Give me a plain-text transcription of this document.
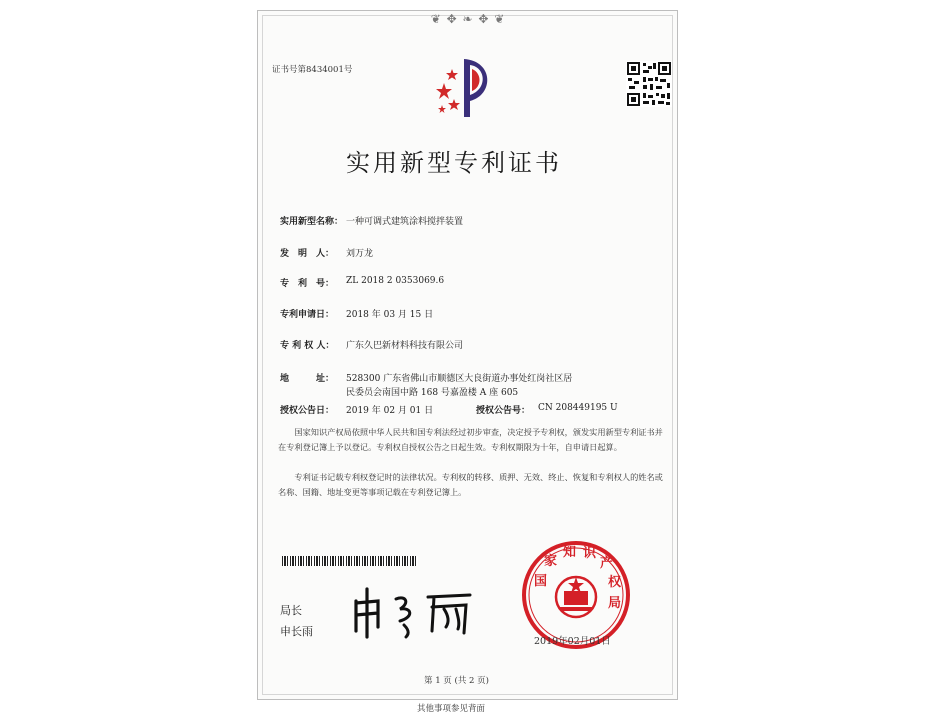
❦ ✥ ❧ ✥ ❦
证书号第8434001号
实用新型专利证书
实用新型名称： 一种可调式建筑涂料搅拌装置
发　明　人： 刘万龙
专　利　号： ZL 2018 2 0353069.6
专利申请日： 2018 年 03 月 15 日
专 利 权 人： 广东久巴新材料科技有限公司
地　　　址： 528300 广东省佛山市顺德区大良街道办事处红岗社区居
民委员会南国中路 168 号嘉盈楼 A 座 605
授权公告日： 2019 年 02 月 01 日	授权公告号： CN 208449195 U
国家知识产权局依照中华人民共和国专利法经过初步审查，决定授予专利权，颁发实用新型专利证书并在专利登记簿上予以登记。专利权自授权公告之日起生效。专利权期限为十年，自申请日起算。
专利证书记载专利权登记时的法律状况。专利权的转移、质押、无效、终止、恢复和专利权人的姓名或名称、国籍、地址变更等事项记载在专利登记簿上。
局长
申长雨
国
家
知 识
产
权
局
2019年02月01日
第 1 页 (共 2 页)
其他事项参见背面
